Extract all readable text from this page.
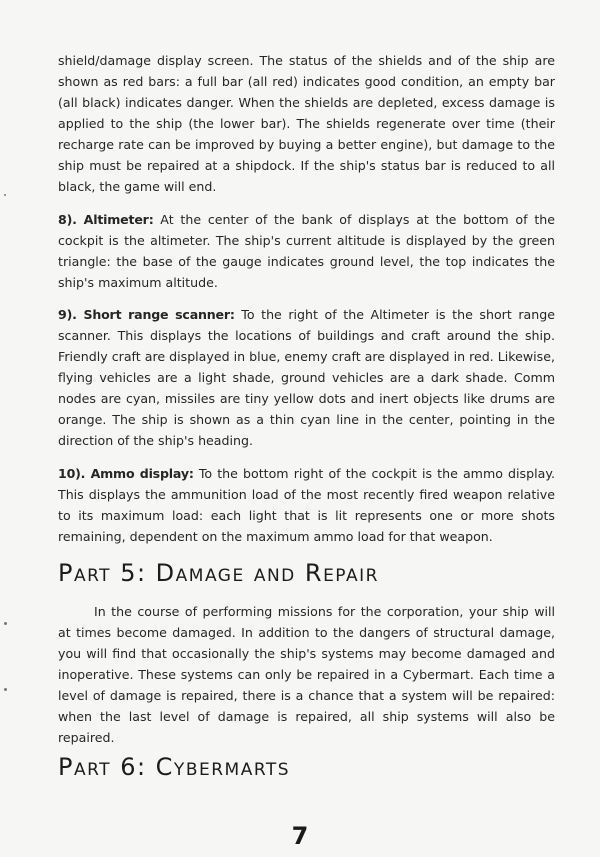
shield/damage display screen. The status of the shields and of the ship are shown as red bars: a full bar (all red) indicates good condition, an empty bar (all black) indicates danger. When the shields are depleted, excess damage is applied to the ship (the lower bar). The shields regenerate over time (their recharge rate can be improved by buying a better engine), but damage to the ship must be repaired at a shipdock. If the ship's status bar is reduced to all black, the game will end.

8). Altimeter: At the center of the bank of displays at the bottom of the cockpit is the altimeter. The ship's current altitude is displayed by the green triangle: the base of the gauge indicates ground level, the top indicates the ship's maximum altitude.

9). Short range scanner: To the right of the Altimeter is the short range scanner. This displays the locations of buildings and craft around the ship. Friendly craft are displayed in blue, enemy craft are displayed in red. Likewise, flying vehicles are a light shade, ground vehicles are a dark shade. Comm nodes are cyan, missiles are tiny yellow dots and inert objects like drums are orange. The ship is shown as a thin cyan line in the center, pointing in the direction of the ship's heading.

10). Ammo display: To the bottom right of the cockpit is the ammo display. This displays the ammunition load of the most recently fired weapon relative to its maximum load: each light that is lit represents one or more shots remaining, dependent on the maximum ammo load for that weapon.

Part 5: Damage and Repair

In the course of performing missions for the corporation, your ship will at times become damaged. In addition to the dangers of structural damage, you will find that occasionally the ship's systems may become damaged and inoperative. These systems can only be repaired in a Cybermart. Each time a level of damage is repaired, there is a chance that a system will be repaired: when the last level of damage is repaired, all ship systems will also be repaired.

Part 6: Cybermarts
7
